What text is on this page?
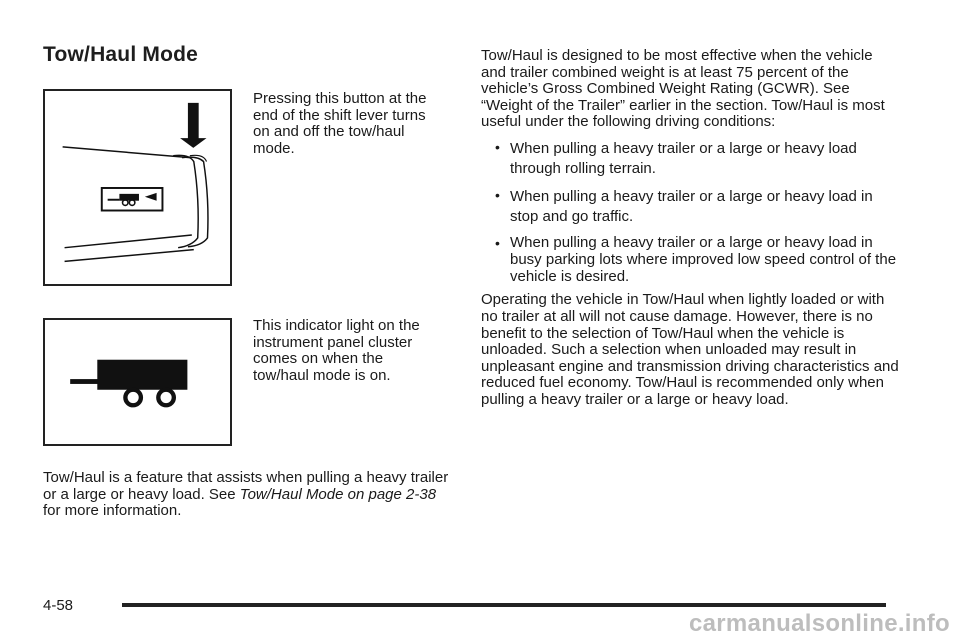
Tow/Haul Mode

Pressing this button at the end of the shift lever turns on and off the tow/haul mode.

This indicator light on the instrument panel cluster comes on when the tow/haul mode is on.

Tow/Haul is a feature that assists when pulling a heavy trailer or a large or heavy load. See Tow/Haul Mode on page 2-38 for more information.

Tow/Haul is designed to be most effective when the vehicle and trailer combined weight is at least 75 percent of the vehicle’s Gross Combined Weight Rating (GCWR). See “Weight of the Trailer” earlier in the section. Tow/Haul is most useful under the following driving conditions:

• When pulling a heavy trailer or a large or heavy load through rolling terrain.
• When pulling a heavy trailer or a large or heavy load in stop and go traffic.
• When pulling a heavy trailer or a large or heavy load in busy parking lots where improved low speed control of the vehicle is desired.

Operating the vehicle in Tow/Haul when lightly loaded or with no trailer at all will not cause damage. However, there is no benefit to the selection of Tow/Haul when the vehicle is unloaded. Such a selection when unloaded may result in unpleasant engine and transmission driving characteristics and reduced fuel economy. Tow/Haul is recommended only when pulling a heavy trailer or a large or heavy load.

4-58
carmanualsonline.info
